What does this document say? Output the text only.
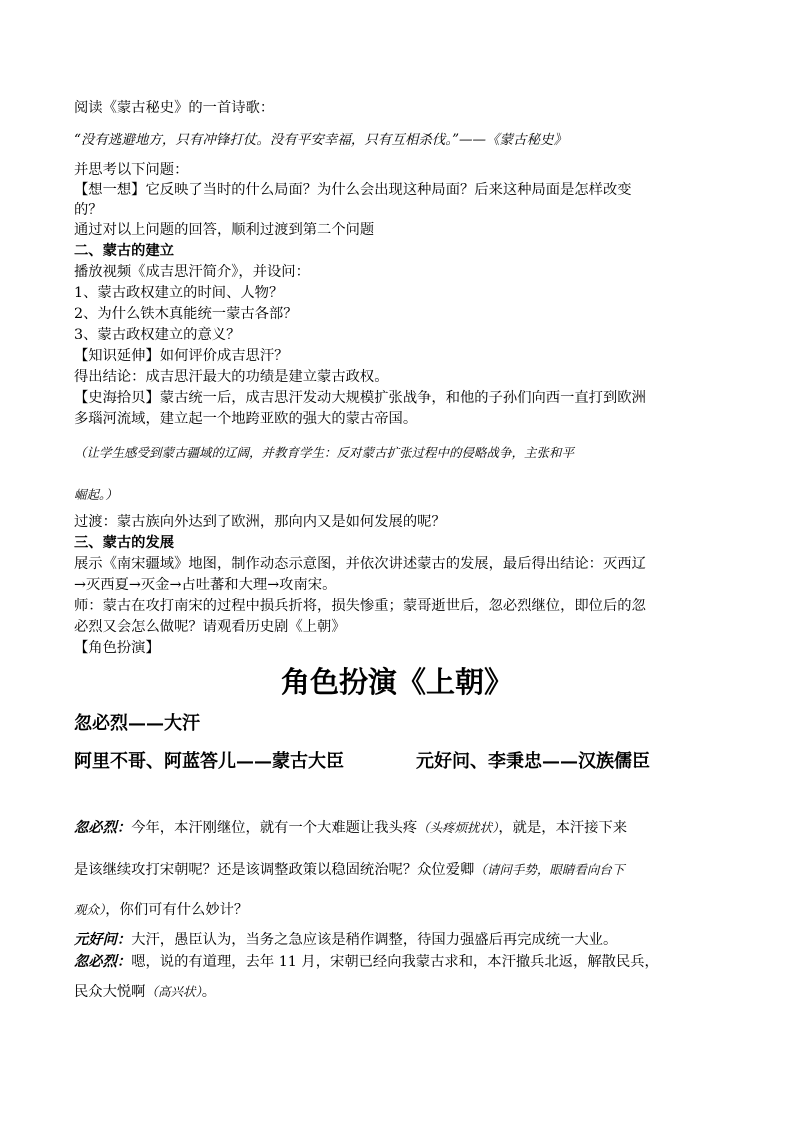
阅读《蒙古秘史》的一首诗歌：

“没有逃避地方，只有冲锋打仗。没有平安幸福，只有互相杀伐。”——《蒙古秘史》

并思考以下问题：

【想一想】它反映了当时的什么局面？为什么会出现这种局面？后来这种局面是怎样改变

的？

通过对以上问题的回答，顺利过渡到第二个问题

二、蒙古的建立

播放视频《成吉思汗简介》，并设问：

1、蒙古政权建立的时间、人物？

2、为什么铁木真能统一蒙古各部？

3、蒙古政权建立的意义？

【知识延伸】如何评价成吉思汗？

得出结论：成吉思汗最大的功绩是建立蒙古政权。

【史海拾贝】蒙古统一后，成吉思汗发动大规模扩张战争，和他的子孙们向西一直打到欧洲

多瑙河流域，建立起一个地跨亚欧的强大的蒙古帝国。

（让学生感受到蒙古疆域的辽阔，并教育学生：反对蒙古扩张过程中的侵略战争，主张和平

崛起。）

过渡：蒙古族向外达到了欧洲，那向内又是如何发展的呢？

三、蒙古的发展

展示《南宋疆域》地图，制作动态示意图，并依次讲述蒙古的发展，最后得出结论：灭西辽

→灭西夏→灭金→占吐蕃和大理→攻南宋。

师：蒙古在攻打南宋的过程中损兵折将，损失惨重；蒙哥逝世后，忽必烈继位，即位后的忽

必烈又会怎么做呢？请观看历史剧《上朝》

【角色扮演】

角色扮演《上朝》

忽必烈——大汗

阿里不哥、阿蓝答儿——蒙古大臣	元好问、李秉忠——汉族儒臣

忽必烈：今年，本汗刚继位，就有一个大难题让我头疼（头疼烦扰状），就是，本汗接下来

是该继续攻打宋朝呢？还是该调整政策以稳固统治呢？众位爱卿（请问手势，眼睛看向台下

观众），你们可有什么妙计？

元好问：大汗，愚臣认为，当务之急应该是稍作调整，待国力强盛后再完成统一大业。

忽必烈：嗯，说的有道理，去年 11 月，宋朝已经向我蒙古求和，本汗撤兵北返，解散民兵，

民众大悦啊（高兴状）。
